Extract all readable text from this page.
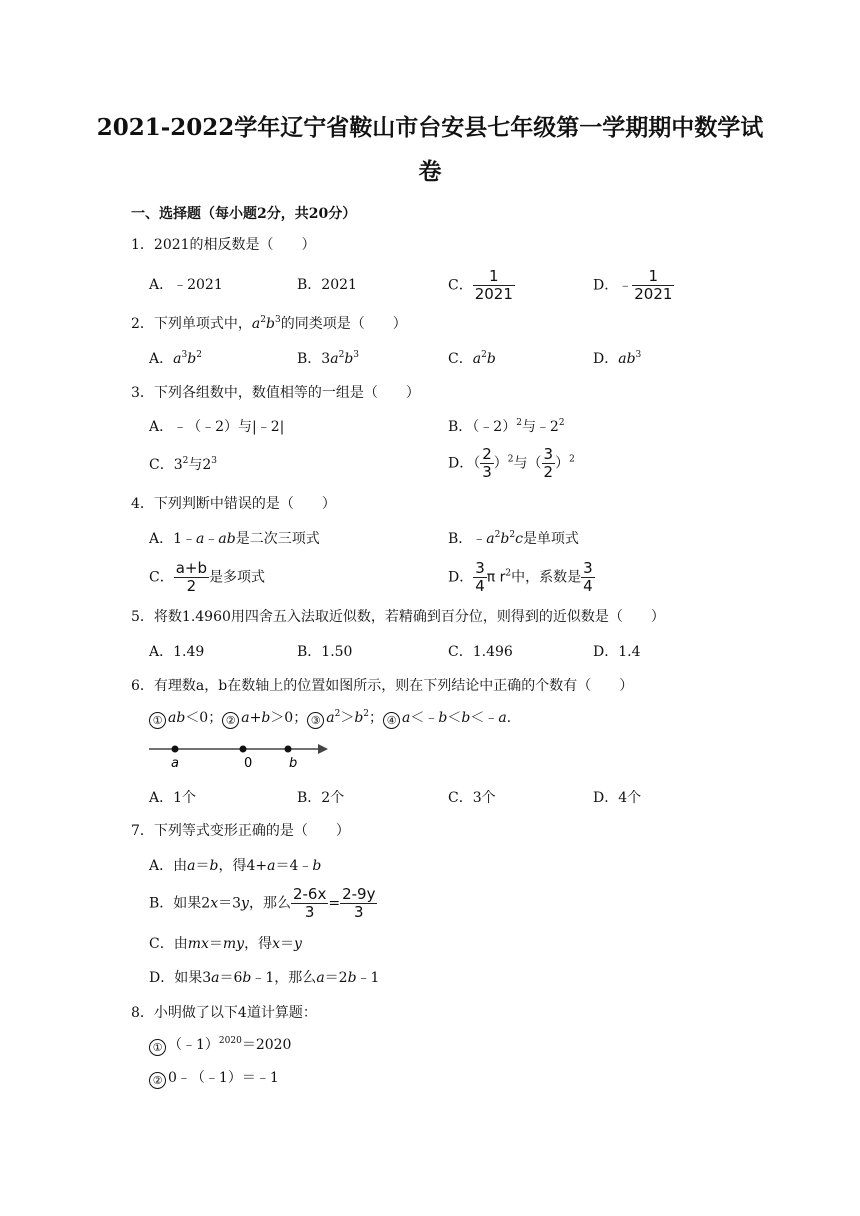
2021-2022学年辽宁省鞍山市台安县七年级第一学期期中数学试
卷
一、选择题（每小题2分，共20分）
1．2021的相反数是（　　）
A．﹣2021	B．2021	C． $\frac{1}{2021}$	D．﹣ $\frac{1}{2021}$
2．下列单项式中，$a^2b^3$的同类项是（　　）
A．$a^3b^2$	B．$3a^2b^3$	C．$a^2b$	D．$ab^3$
3．下列各组数中，数值相等的一组是（　　）
A．﹣（﹣2）与|﹣2|	B．（﹣2）$^2$与$﹣2^2$
C．$3^2$与$2^3$	D．（ $\frac{2}{3} )^2$与（ $\frac{3}{2} )^2$
4．下列判断中错误的是（　　）
A．1﹣a﹣ab是二次三项式	B．$﹣a^2b^2c$是单项式
C． $\frac{a+b}{2}$ 是多项式	D． $\frac{3}{4}$ π $r^2$中，系数是 $\frac{3}{4}$
5．将数1.4960用四舍五入法取近似数，若精确到百分位，则得到的近似数是（　　）
A．1.49	B．1.50	C．1.496	D．1.4
6．有理数a，b在数轴上的位置如图所示，则在下列结论中正确的个数有（　　）
① ab＜0； ② a+b＞0； ③ $a^2>b^2$； ④ a＜﹣b＜b＜﹣a.
a	0	b
A．1个	B．2个	C．3个	D．4个
7．下列等式变形正确的是（　　）
A．由a＝b，得4+a＝4﹣b
B．如果2x＝3y，那么 $\frac{2-6x}{3} = \frac{2-9y}{3}$
C．由mx＝my，得x＝y
D．如果3a＝6b﹣1，那么a＝2b﹣1
8．小明做了以下4道计算题：
① （﹣1）$^{2020}$＝2020
② 0﹣（﹣1）＝﹣1
